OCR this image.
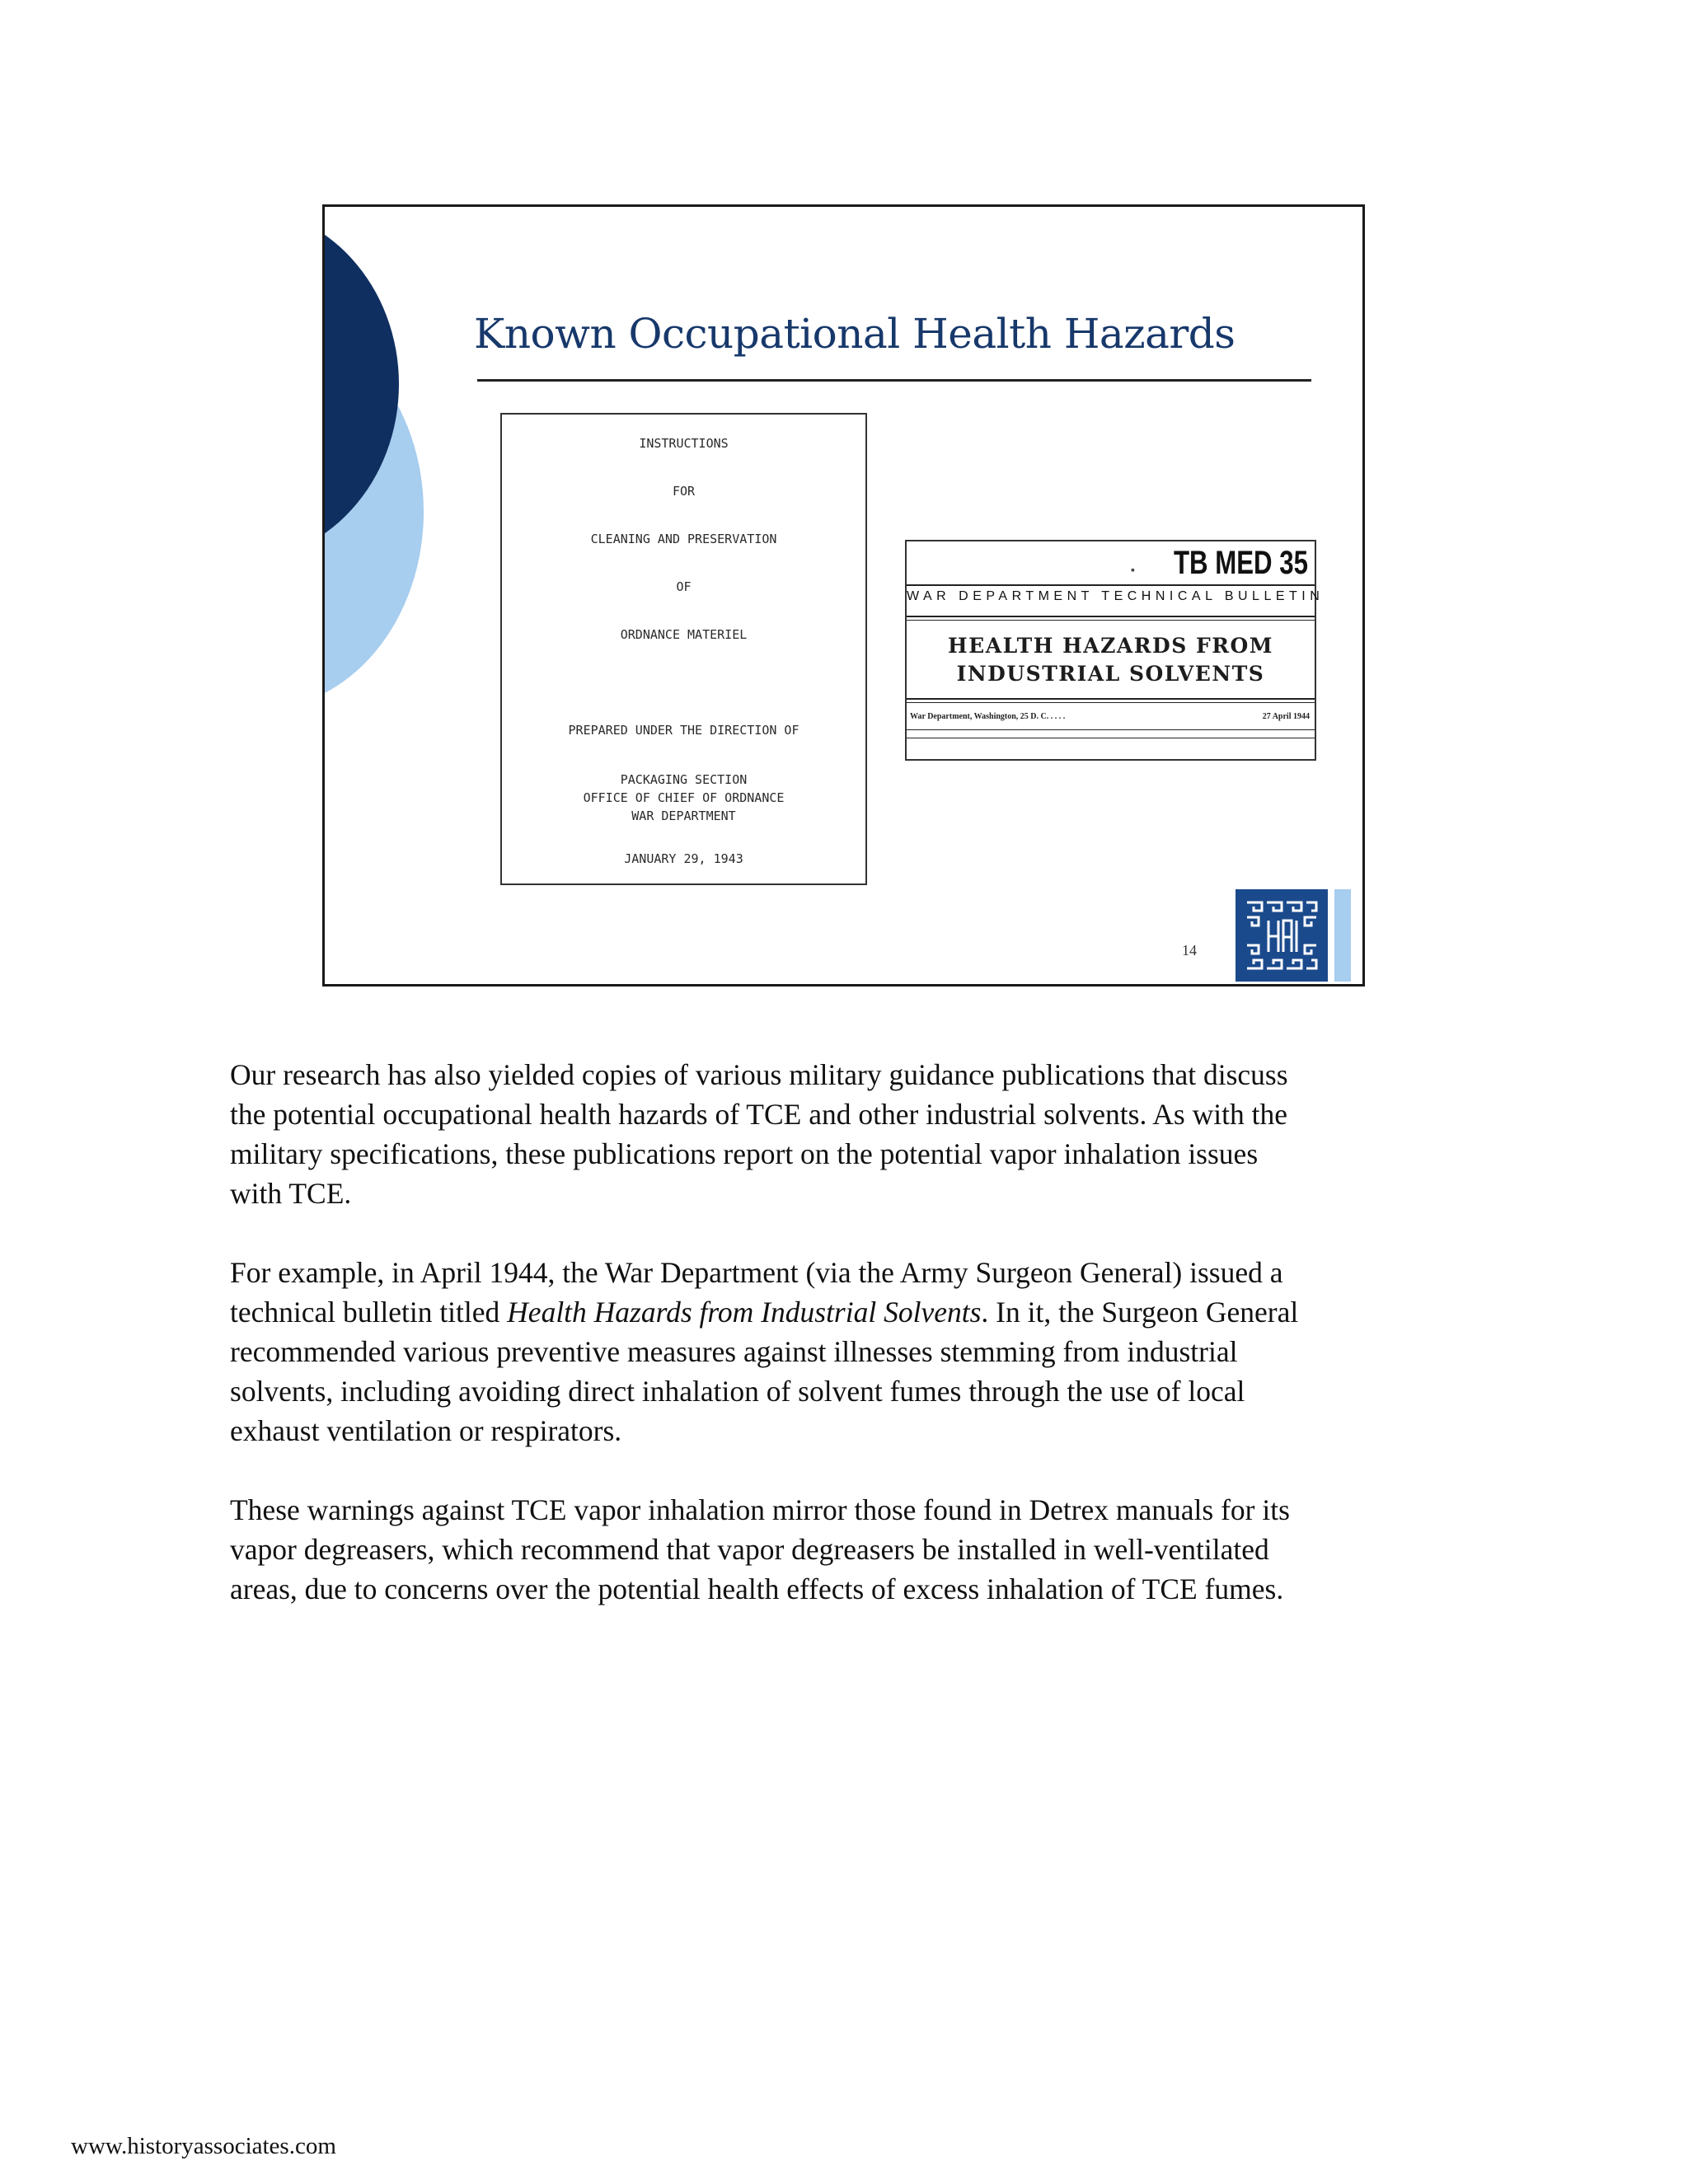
Known Occupational Health Hazards
INSTRUCTIONS
FOR
CLEANING AND PRESERVATION
OF
ORDNANCE MATERIEL
PREPARED UNDER THE DIRECTION OF
PACKAGING SECTION
OFFICE OF CHIEF OF ORDNANCE
WAR DEPARTMENT
JANUARY 29, 1943
▪ TB MED 35
WAR DEPARTMENT TECHNICAL BULLETIN
HEALTH HAZARDS FROM
INDUSTRIAL SOLVENTS
War Department, Washington, 25 D. C. . . . .	27 April 1944
14
Our research has also yielded copies of various military guidance publications that discuss
the potential occupational health hazards of TCE and other industrial solvents. As with the
military specifications, these publications report on the potential vapor inhalation issues
with TCE.
For example, in April 1944, the War Department (via the Army Surgeon General) issued a
technical bulletin titled Health Hazards from Industrial Solvents. In it, the Surgeon General
recommended various preventive measures against illnesses stemming from industrial
solvents, including avoiding direct inhalation of solvent fumes through the use of local
exhaust ventilation or respirators.
These warnings against TCE vapor inhalation mirror those found in Detrex manuals for its
vapor degreasers, which recommend that vapor degreasers be installed in well-ventilated
areas, due to concerns over the potential health effects of excess inhalation of TCE fumes.
www.historyassociates.com
